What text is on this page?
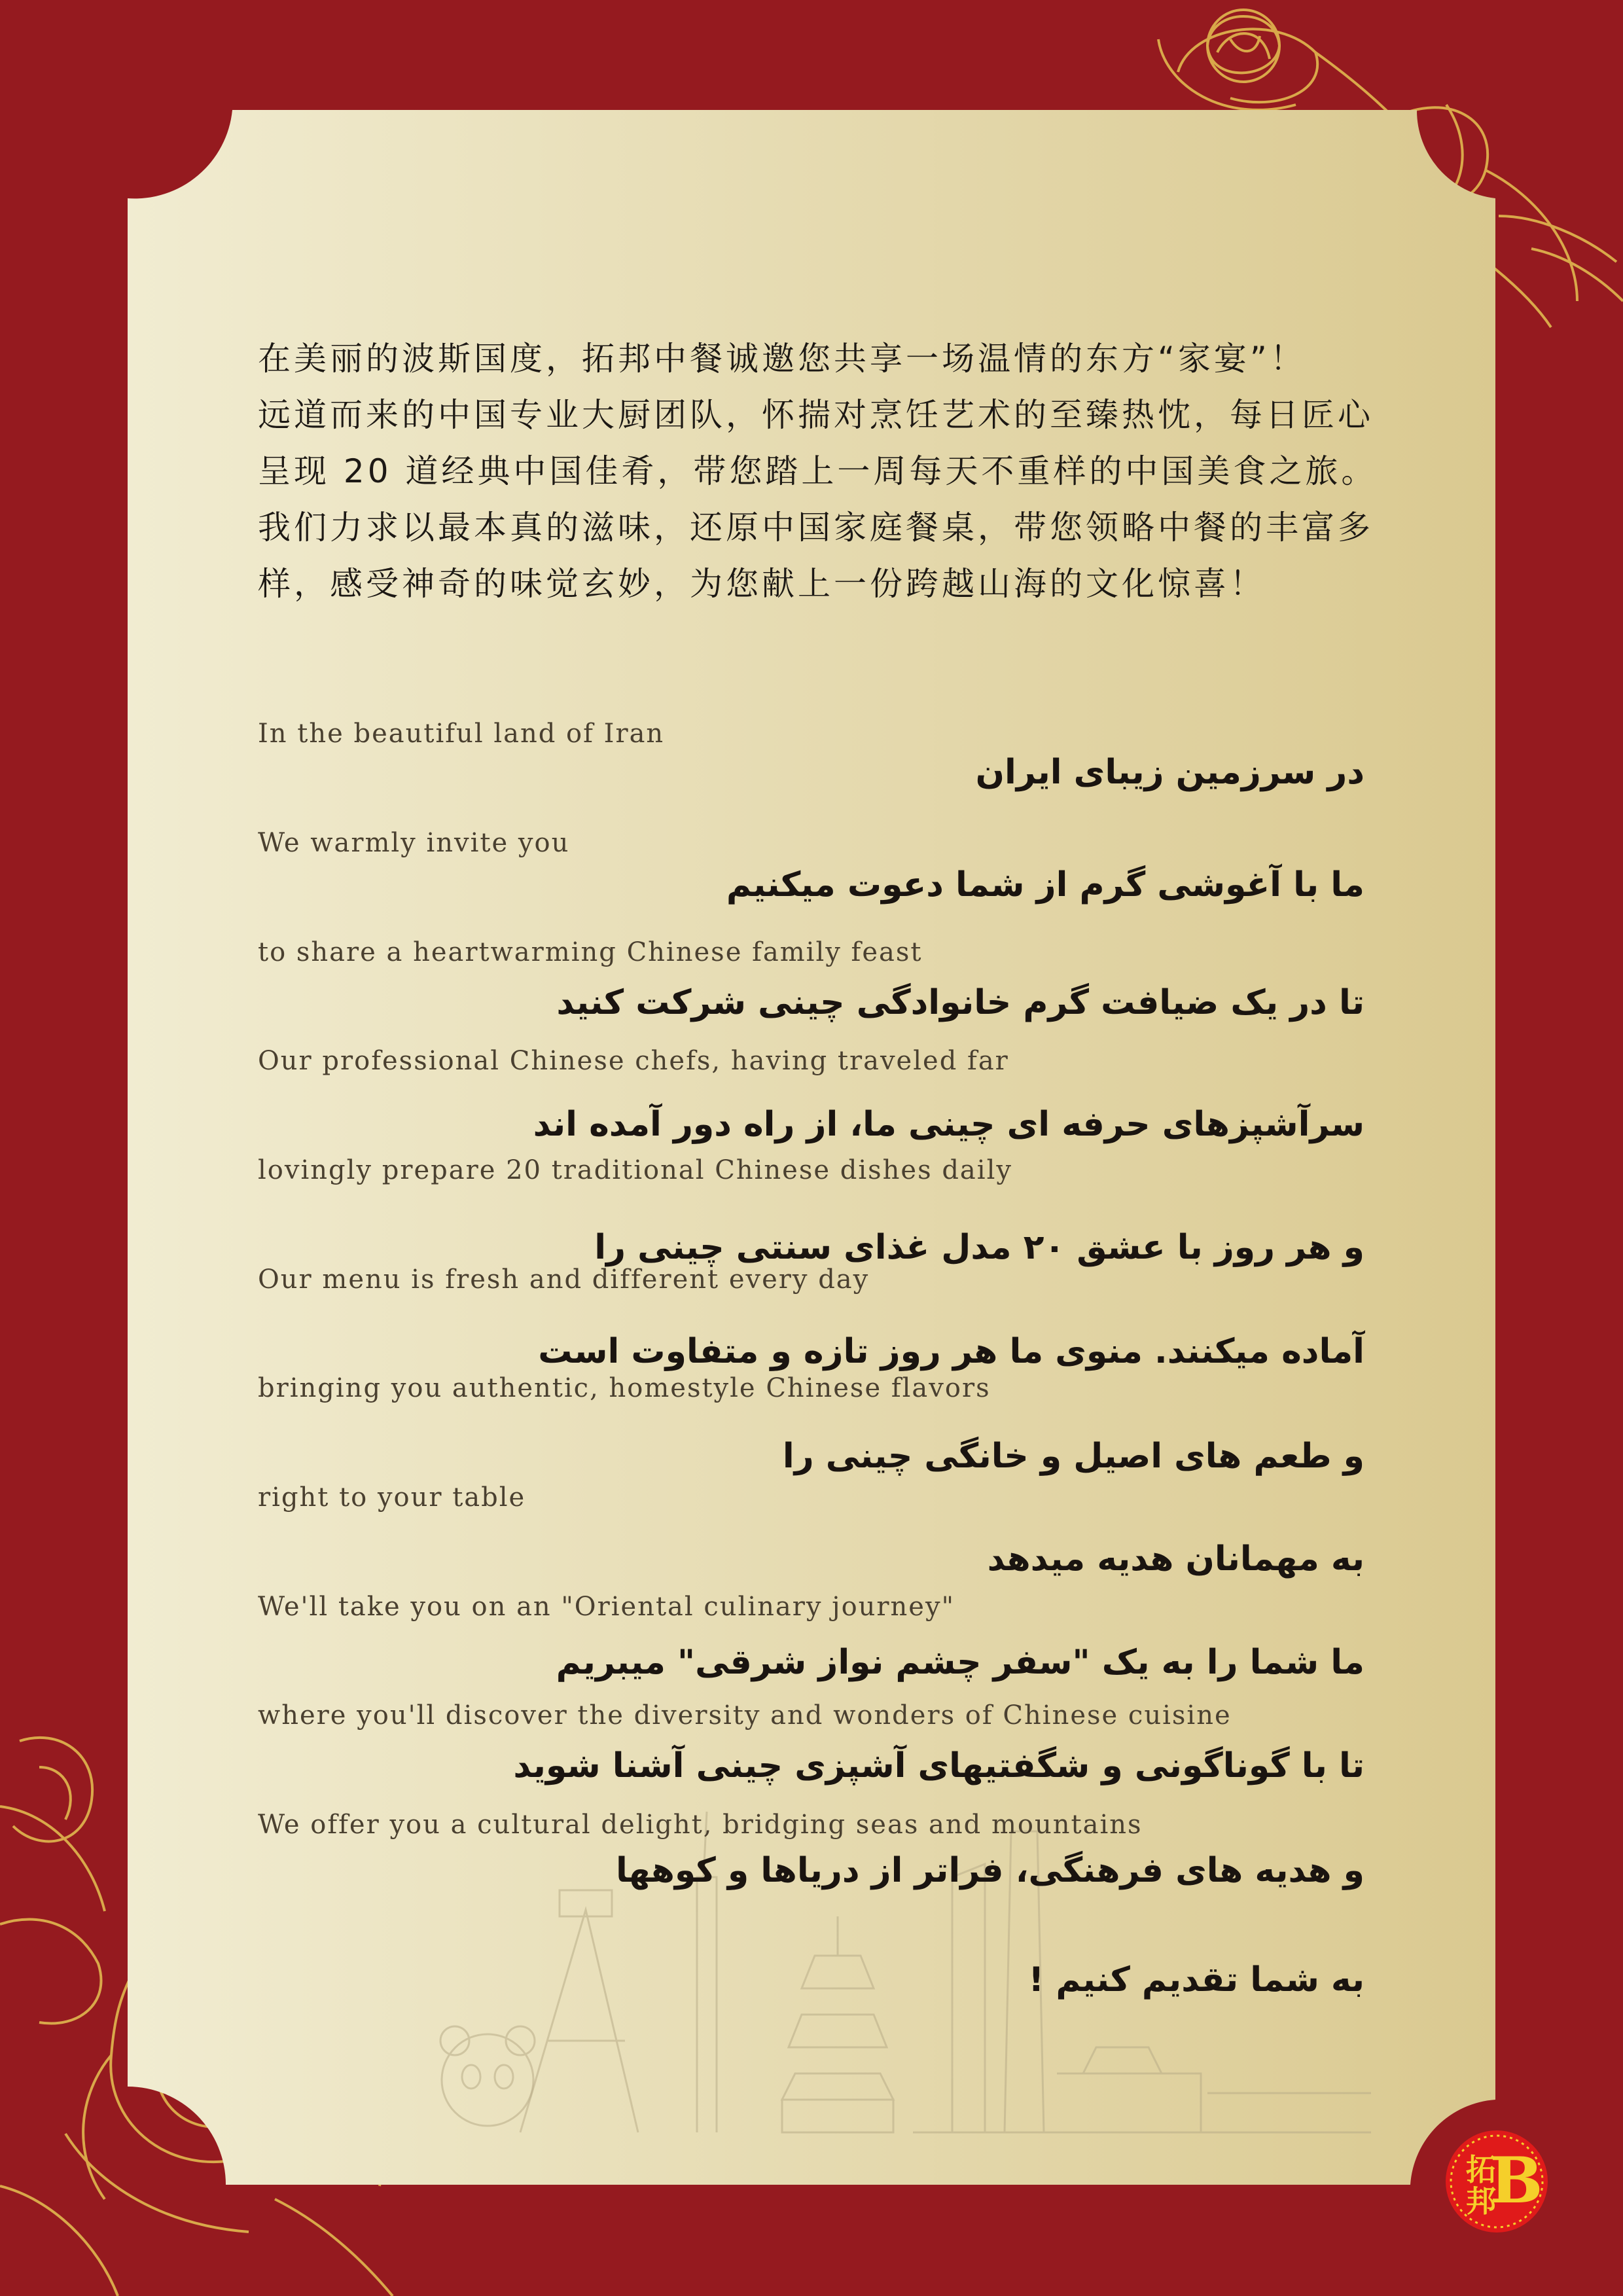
在美丽的波斯国度，拓邦中餐诚邀您共享一场温情的东方“家宴”！
远道而来的中国专业大厨团队，怀揣对烹饪艺术的至臻热忱，每日匠心
呈现 20 道经典中国佳肴，带您踏上一周每天不重样的中国美食之旅。
我们力求以最本真的滋味，还原中国家庭餐桌，带您领略中餐的丰富多
样，感受神奇的味觉玄妙，为您献上一份跨越山海的文化惊喜！
In the beautiful land of Iran
در سرزمین زیبای ایران
We warmly invite you
ما با آغوشی گرم از شما دعوت میکنیم
to share a heartwarming Chinese family feast
تا در یک ضیافت گرم خانوادگی چینی شرکت کنید
Our professional Chinese chefs, having traveled far
سرآشپزهای حرفه ای چینی ما، از راه دور آمده اند
lovingly prepare 20 traditional Chinese dishes daily
و هر روز با عشق ۲۰ مدل غذای سنتی چینی را
Our menu is fresh and different every day
آماده میکنند. منوی ما هر روز تازه و متفاوت است
bringing you authentic, homestyle Chinese flavors
و طعم های اصیل و خانگی چینی را
right to your table
به مهمانان هدیه میدهد
We'll take you on an "Oriental culinary journey"
ما شما را به یک "سفر چشم نواز شرقی" میبریم
where you'll discover the diversity and wonders of Chinese cuisine
تا با گوناگونی و شگفتیهای آشپزی چینی آشنا شوید
We offer you a cultural delight, bridging seas and mountains
و هدیه های فرهنگی، فراتر از دریاها و کوهها
به شما تقدیم کنیم !
拓
邦
B
